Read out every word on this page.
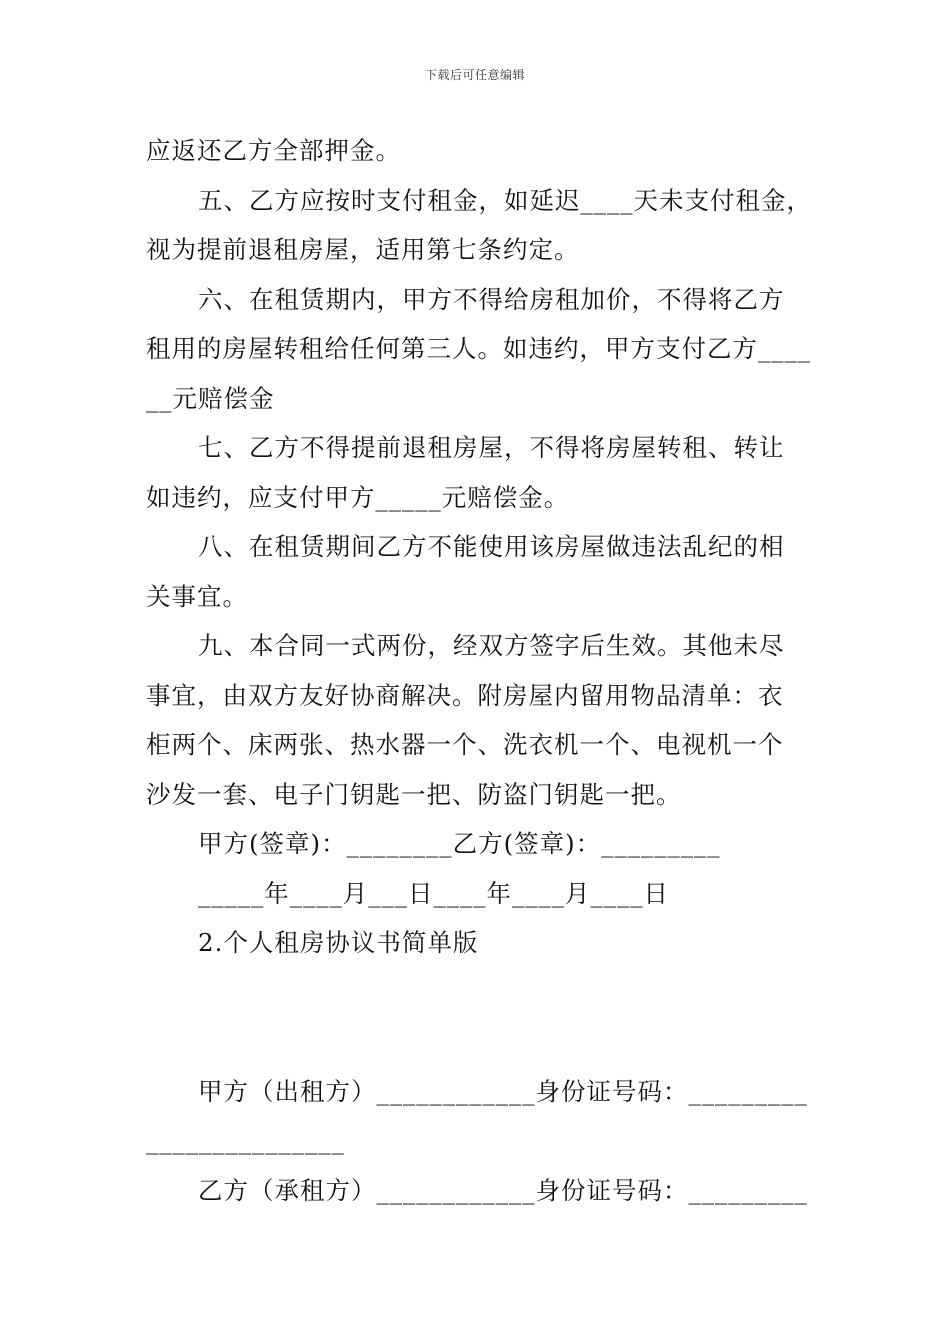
下载后可任意编辑

应返还乙方全部押金。

五、乙方应按时支付租金，如延迟____天未支付租金，

视为提前退租房屋，适用第七条约定。

六、在租赁期内，甲方不得给房租加价，不得将乙方

租用的房屋转租给任何第三人。如违约，甲方支付乙方____

__元赔偿金

七、乙方不得提前退租房屋，不得将房屋转租、转让

如违约，应支付甲方_____元赔偿金。

八、在租赁期间乙方不能使用该房屋做违法乱纪的相

关事宜。

九、本合同一式两份，经双方签字后生效。其他未尽

事宜，由双方友好协商解决。附房屋内留用物品清单：衣

柜两个、床两张、热水器一个、洗衣机一个、电视机一个

沙发一套、电子门钥匙一把、防盗门钥匙一把。

甲方(签章)：________乙方(签章)：_________

_____年____月___日____年____月____日

2.个人租房协议书简单版

甲方（出租方）____________身份证号码：_________

_______________

乙方（承租方）____________身份证号码：_________
